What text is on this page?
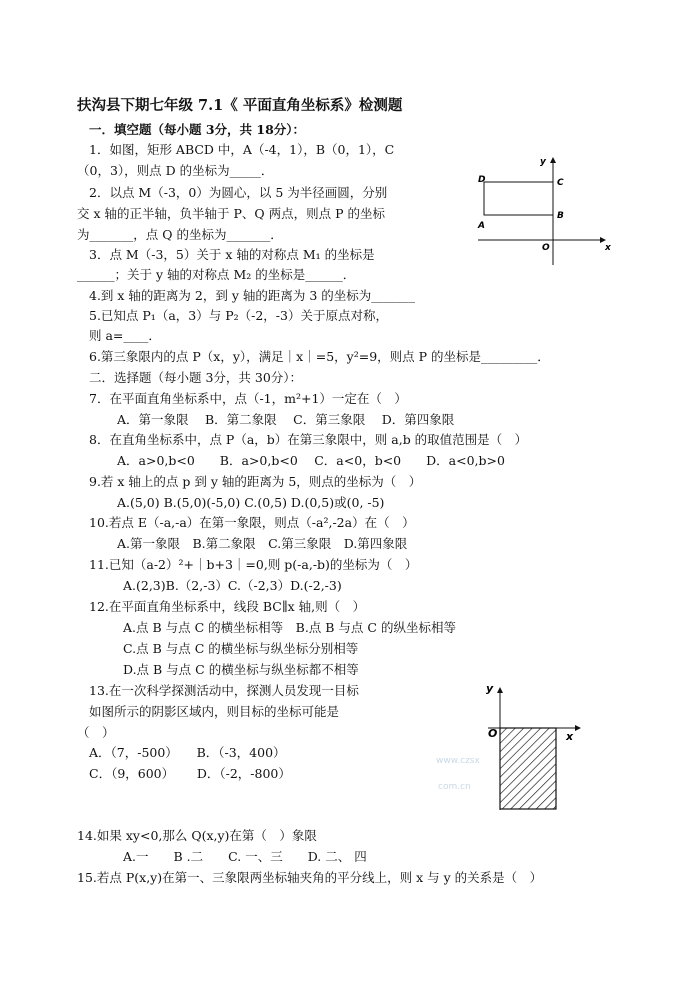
扶沟县下期七年级 7.1《 平面直角坐标系》检测题
一．填空题（每小题 3分，共 18分）：
1．如图，矩形 ABCD 中，A（-4，1），B（0，1），C
（0，3），则点 D 的坐标为_____．
2．以点 M（-3，0）为圆心，以 5 为半径画圆，分别
交 x 轴的正半轴，负半轴于 P、Q 两点，则点 P 的坐标
为_______，点 Q 的坐标为_______．
3．点 M（-3，5）关于 x 轴的对称点 M₁ 的坐标是
______；关于 y 轴的对称点 M₂ 的坐标是______．
4.到 x 轴的距离为 2，到 y 轴的距离为 3 的坐标为_______
5.已知点 P₁（a，3）与 P₂（-2，-3）关于原点对称，
则 a=____．
6.第三象限内的点 P（x，y），满足｜x｜=5，y²=9，则点 P 的坐标是_________．
二．选择题（每小题 3分，共 30分）：
7．在平面直角坐标系中，点（-1，m²+1）一定在（　）
A．第一象限　 B．第二象限　 C．第三象限　 D．第四象限
8．在直角坐标系中，点 P（a，b）在第三象限中，则 a,b 的取值范围是（　）
A．a>0,b<0　　B．a>0,b<0　 C．a<0，b<0　　D．a<0,b>0
9.若 x 轴上的点 p 到 y 轴的距离为 5，则点的坐标为（　）
A.(5,0) B.(5,0)(-5,0) C.(0,5) D.(0,5)或(0, -5)
10.若点 E（-a,-a）在第一象限，则点（-a²,-2a）在（　）
A.第一象限　B.第二象限　C.第三象限　D.第四象限
11.已知（a-2）²+｜b+3｜=0,则 p(-a,-b)的坐标为（　）
A.(2,3)B.（2,-3）C.（-2,3）D.(-2,-3)
12.在平面直角坐标系中，线段 BC∥x 轴,则（　）
A.点 B 与点 C 的横坐标相等　B.点 B 与点 C 的纵坐标相等
C.点 B 与点 C 的横坐标与纵坐标分别相等
D.点 B 与点 C 的横坐标与纵坐标都不相等
13.在一次科学探测活动中，探测人员发现一目标
如图所示的阴影区域内，则目标的坐标可能是
（　）
A．（7，-500）　　B．（-3，400）
C．（9，600）　　 D．（-2，-800）
14.如果 xy<0,那么 Q(x,y)在第（　）象限
A.一　　B .二　　C. 一、三　　D. 二、 四
15.若点 P(x,y)在第一、三象限两坐标轴夹角的平分线上，则 x 与 y 的关系是（　）
y
D	C
B
A
O	x
y
O	x
www.czsx
com.cn
